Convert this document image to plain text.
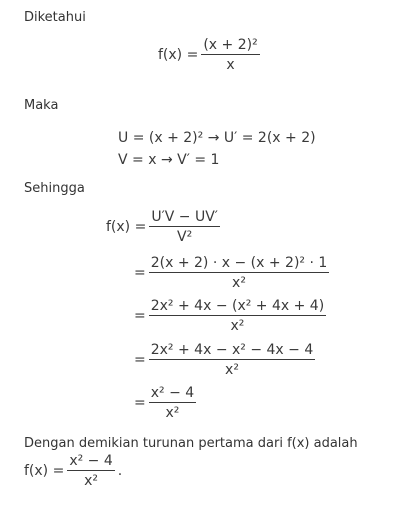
Diketahui
$f(x) = \frac{\text{(x + 2)²}}{x}$
Maka
U = (x + 2)² → U′ = 2(x + 2)
V = x → V′ = 1
Sehingga
$f(x) = \frac{U'V - UV'}{\text{V²}}$
= $\frac{\text{2(x + 2) · x − (x + 2)² · 1}}{\text{x²}}$
= $\frac{\text{2x² + 4x − (x² + 4x + 4)}}{\text{x²}}$
= $\frac{\text{2x² + 4x − x² − 4x − 4}}{\text{x²}}$
= $\frac{\text{x² − 4}}{\text{x²}}$
Dengan demikian turunan pertama dari f(x) adalah
$f(x) = \frac{\text{x² − 4}}{\text{x²}}$ .
